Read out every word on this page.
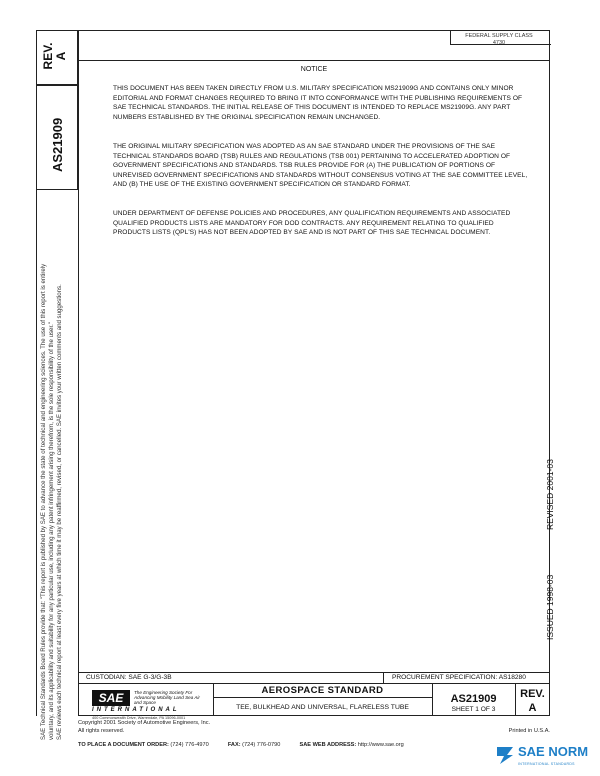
REV. A
AS21909
SAE Technical Standards Board Rules provide that: "This report is published by SAE to advance the state of technical and engineering sciences. The use of this report is entirely voluntary, and its applicability and suitability for any particular use, including any patent infringement arising therefrom, is the sole responsibility of the user." SAE reviews each technical report at least every five years at which time it may be reaffirmed, revised, or cancelled. SAE invites your written comments and suggestions.	ISSUED 1998-03  REVISED 2001-03
FEDERAL SUPPLY CLASS
4730
NOTICE
THIS DOCUMENT HAS BEEN TAKEN DIRECTLY FROM U.S. MILITARY SPECIFICATION MS21909G AND CONTAINS ONLY MINOR EDITORIAL AND FORMAT CHANGES REQUIRED TO BRING IT INTO CONFORMANCE WITH THE PUBLISHING REQUIREMENTS OF SAE TECHNICAL STANDARDS. THE INITIAL RELEASE OF THIS DOCUMENT IS INTENDED TO REPLACE MS21909G. ANY PART NUMBERS ESTABLISHED BY THE ORIGINAL SPECIFICATION REMAIN UNCHANGED.
THE ORIGINAL MILITARY SPECIFICATION WAS ADOPTED AS AN SAE STANDARD UNDER THE PROVISIONS OF THE SAE TECHNICAL STANDARDS BOARD (TSB) RULES AND REGULATIONS (TSB 001) PERTAINING TO ACCELERATED ADOPTION OF GOVERNMENT SPECIFICATIONS AND STANDARDS. TSB RULES PROVIDE FOR (A) THE PUBLICATION OF PORTIONS OF UNREVISED GOVERNMENT SPECIFICATIONS AND STANDARDS WITHOUT CONSENSUS VOTING AT THE SAE COMMITTEE LEVEL, AND (B) THE USE OF THE EXISTING GOVERNMENT SPECIFICATION OR STANDARD FORMAT.
UNDER DEPARTMENT OF DEFENSE POLICIES AND PROCEDURES, ANY QUALIFICATION REQUIREMENTS AND ASSOCIATED QUALIFIED PRODUCTS LISTS ARE MANDATORY FOR DOD CONTRACTS. ANY REQUIREMENT RELATING TO QUALIFIED PRODUCTS LISTS (QPL'S) HAS NOT BEEN ADOPTED BY SAE AND IS NOT PART OF THIS SAE TECHNICAL DOCUMENT.
CUSTODIAN: SAE G-3/G-3B	PROCUREMENT SPECIFICATION: AS18280
SAE	The Engineering Society For Advancing Mobility Land Sea Air and Space
INTERNATIONAL
400 Commonwealth Drive, Warrendale, PA 15096-0001
AEROSPACE STANDARD
TEE, BULKHEAD AND UNIVERSAL, FLARELESS TUBE
AS21909
SHEET 1 OF 3
REV.
A
Copyright 2001 Society of Automotive Engineers, Inc.
All rights reserved.	Printed in U.S.A.
TO PLACE A DOCUMENT ORDER: (724) 776-4970	FAX: (724) 776-0790	SAE WEB ADDRESS: http://www.sae.org	SAE NORM
INTERNATIONAL STANDARDS
